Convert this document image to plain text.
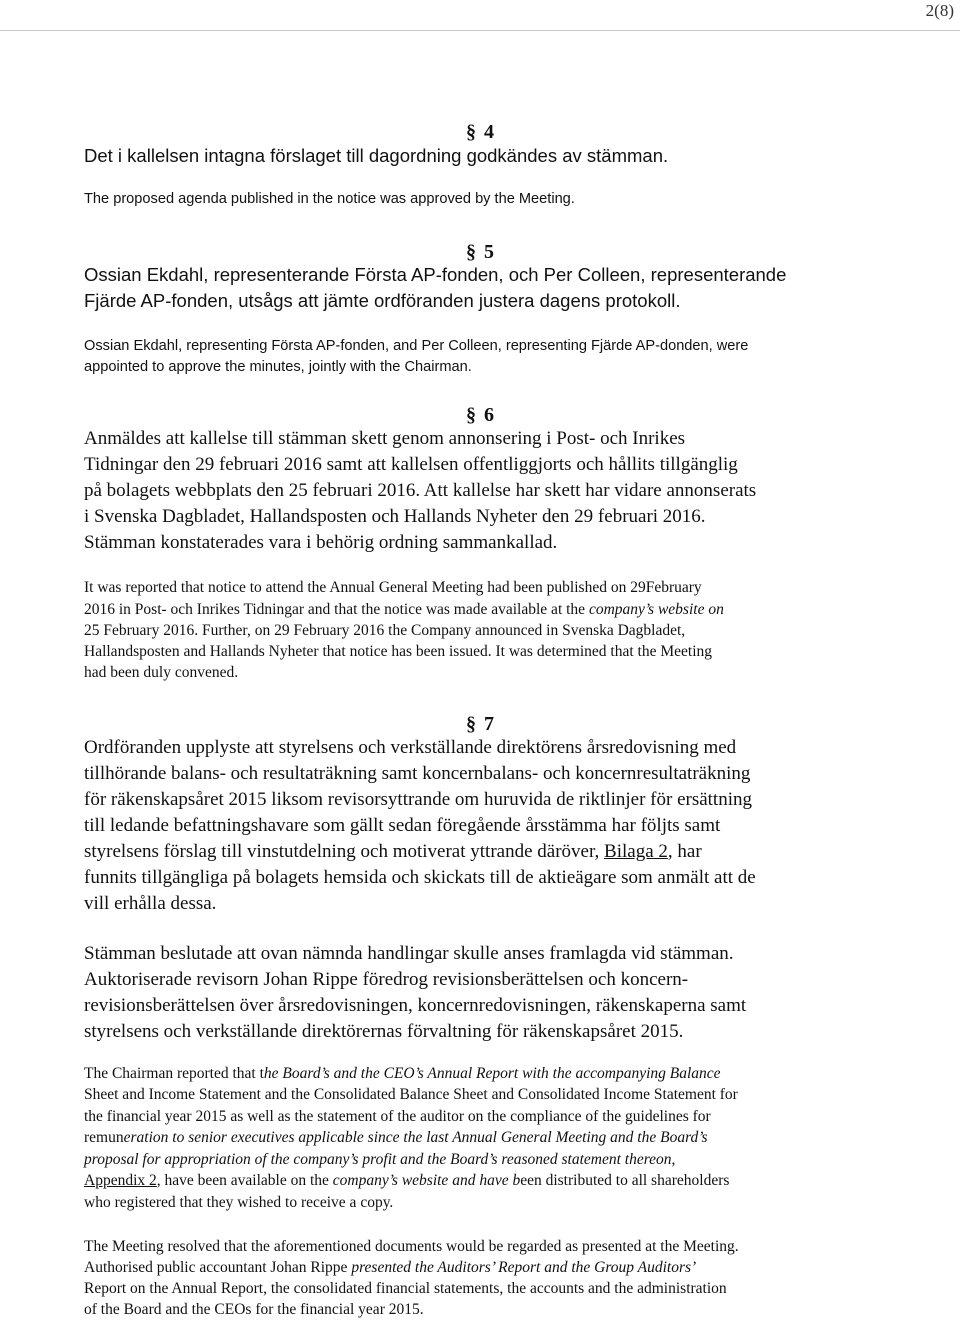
2(8)
§ 4
Det i kallelsen intagna förslaget till dagordning godkändes av stämman.
The proposed agenda published in the notice was approved by the Meeting.
§ 5
Ossian Ekdahl, representerande Första AP-fonden, och Per Colleen, representerande
Fjärde AP-fonden, utsågs att jämte ordföranden justera dagens protokoll.
Ossian Ekdahl, representing Första AP-fonden, and Per Colleen, representing Fjärde AP-donden, were
appointed to approve the minutes, jointly with the Chairman.
§ 6
Anmäldes att kallelse till stämman skett genom annonsering i Post- och Inrikes
Tidningar den 29 februari 2016 samt att kallelsen offentliggjorts och hållits tillgänglig
på bolagets webbplats den 25 februari 2016. Att kallelse har skett har vidare annonserats
i Svenska Dagbladet, Hallandsposten och Hallands Nyheter den 29 februari 2016.
Stämman konstaterades vara i behörig ordning sammankallad.
It was reported that notice to attend the Annual General Meeting had been published on 29February
2016 in Post- och Inrikes Tidningar and that the notice was made available at the company’s website on
25 February 2016. Further, on 29 February 2016 the Company announced in Svenska Dagbladet,
Hallandsposten and Hallands Nyheter that notice has been issued. It was determined that the Meeting
had been duly convened.
§ 7
Ordföranden upplyste att styrelsens och verkställande direktörens årsredovisning med
tillhörande balans- och resultaträkning samt koncernbalans- och koncernresultaträkning
för räkenskapsåret 2015 liksom revisorsyttrande om huruvida de riktlinjer för ersättning
till ledande befattningshavare som gällt sedan föregående årsstämma har följts samt
styrelsens förslag till vinstutdelning och motiverat yttrande däröver, Bilaga 2, har
funnits tillgängliga på bolagets hemsida och skickats till de aktieägare som anmält att de
vill erhålla dessa.
Stämman beslutade att ovan nämnda handlingar skulle anses framlagda vid stämman.
Auktoriserade revisorn Johan Rippe föredrog revisionsberättelsen och koncern-
revisionsberättelsen över årsredovisningen, koncernredovisningen, räkenskaperna samt
styrelsens och verkställande direktörernas förvaltning för räkenskapsåret 2015.
The Chairman reported that the Board’s and the CEO’s Annual Report with the accompanying Balance
Sheet and Income Statement and the Consolidated Balance Sheet and Consolidated Income Statement for
the financial year 2015 as well as the statement of the auditor on the compliance of the guidelines for
remuneration to senior executives applicable since the last Annual General Meeting and the Board’s
proposal for appropriation of the company’s profit and the Board’s reasoned statement thereon,
Appendix 2, have been available on the company’s website and have been distributed to all shareholders
who registered that they wished to receive a copy.
The Meeting resolved that the aforementioned documents would be regarded as presented at the Meeting.
Authorised public accountant Johan Rippe presented the Auditors’ Report and the Group Auditors’
Report on the Annual Report, the consolidated financial statements, the accounts and the administration
of the Board and the CEOs for the financial year 2015.
